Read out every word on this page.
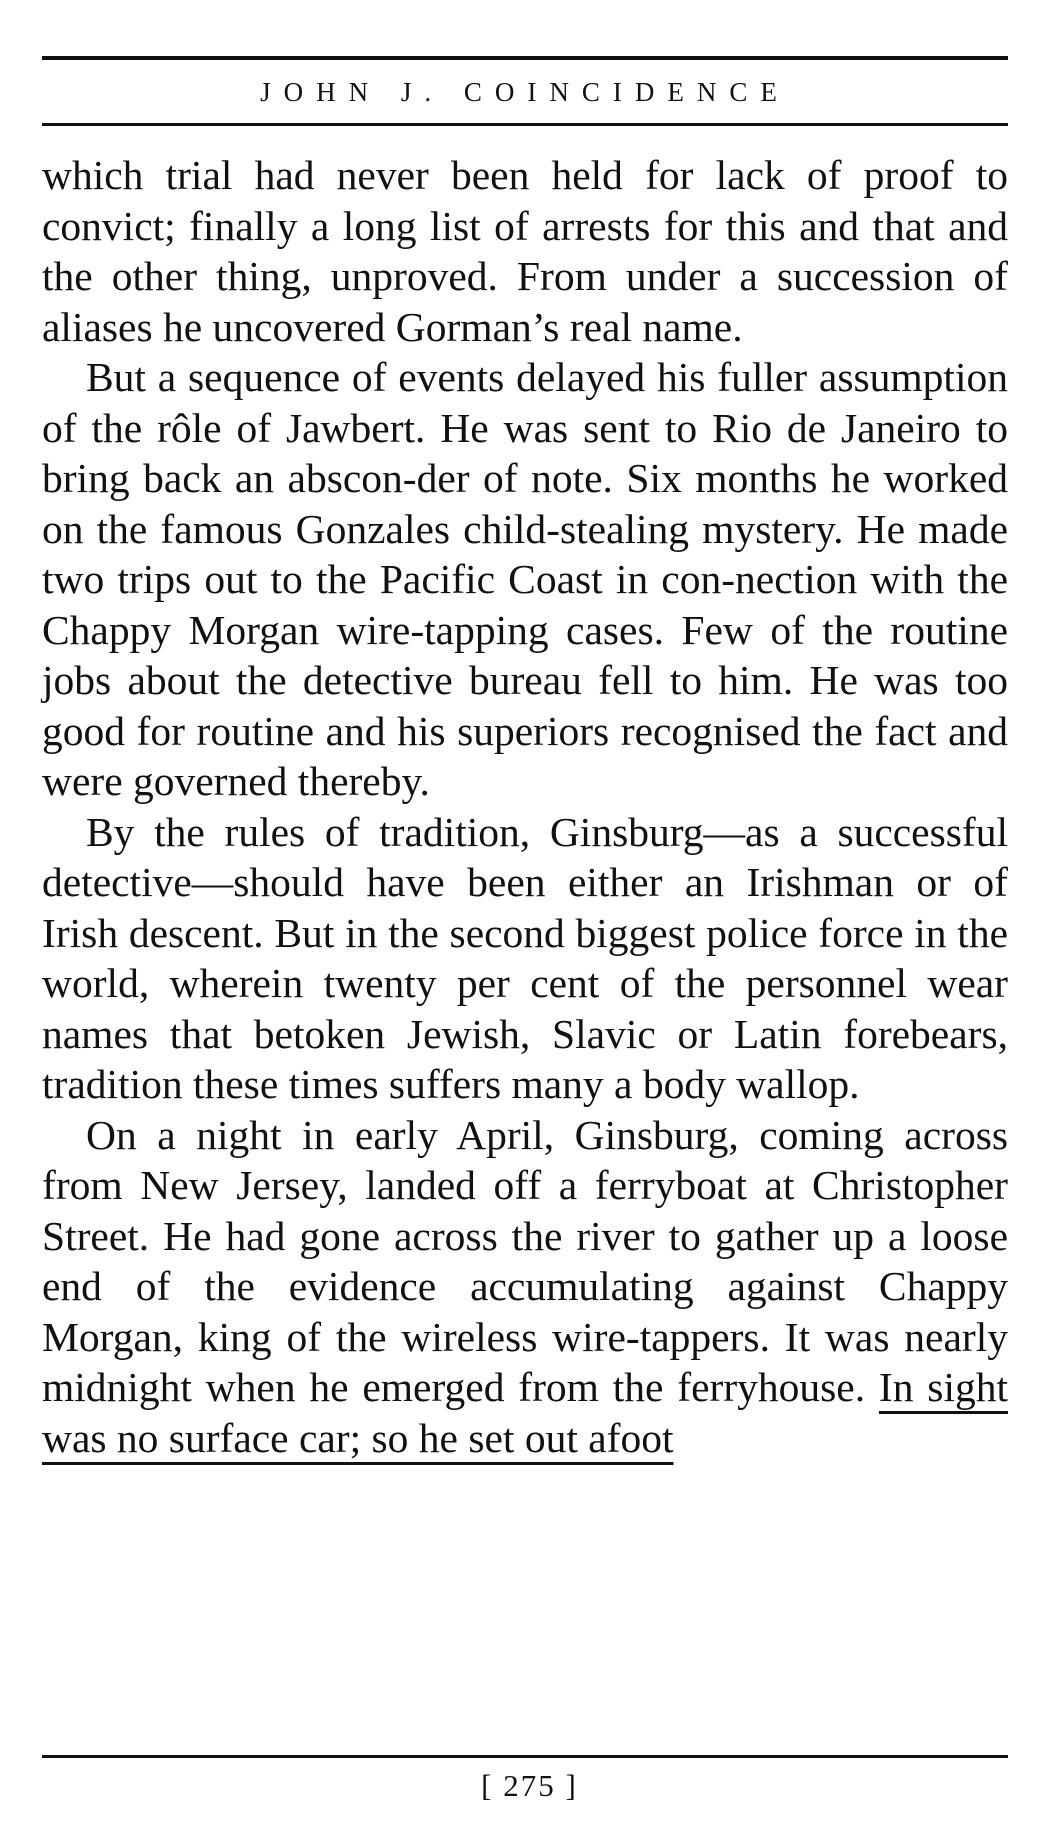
JOHN J. COINCIDENCE

which trial had never been held for lack of proof to convict; finally a long list of arrests for this and that and the other thing, unproved. From under a succession of aliases he uncovered Gorman’s real name.

But a sequence of events delayed his fuller assumption of the rôle of Jawbert. He was sent to Rio de Janeiro to bring back an abscon-der of note. Six months he worked on the famous Gonzales child-stealing mystery. He made two trips out to the Pacific Coast in con-nection with the Chappy Morgan wire-tapping cases. Few of the routine jobs about the detective bureau fell to him. He was too good for routine and his superiors recognised the fact and were governed thereby.

By the rules of tradition, Ginsburg—as a successful detective—should have been either an Irishman or of Irish descent. But in the second biggest police force in the world, wherein twenty per cent of the personnel wear names that betoken Jewish, Slavic or Latin forebears, tradition these times suffers many a body wallop.

On a night in early April, Ginsburg, coming across from New Jersey, landed off a ferryboat at Christopher Street. He had gone across the river to gather up a loose end of the evidence accumulating against Chappy Morgan, king of the wireless wire-tappers. It was nearly midnight when he emerged from the ferryhouse. In sight was no surface car; so he set out afoot

[ 275 ]
